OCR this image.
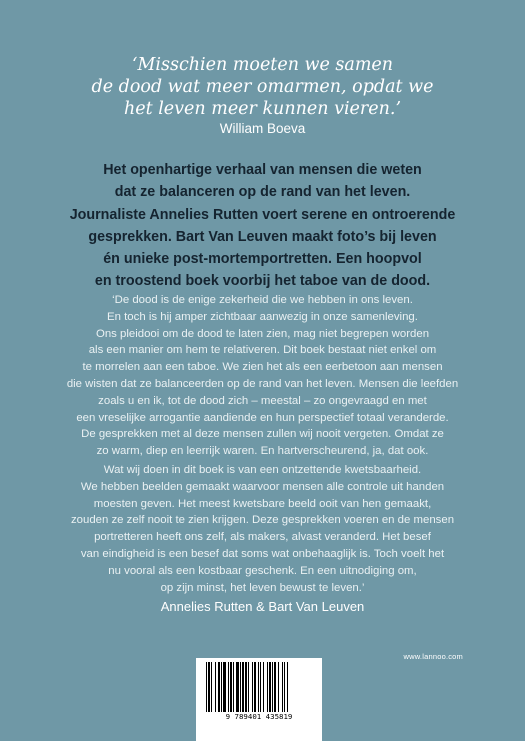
‘Misschien moeten we samen
de dood wat meer omarmen, opdat we
het leven meer kunnen vieren.’
William Boeva
Het openhartige verhaal van mensen die weten
dat ze balanceren op de rand van het leven.
Journaliste Annelies Rutten voert serene en ontroerende
gesprekken. Bart Van Leuven maakt foto’s bij leven
én unieke post-mortemportretten. Een hoopvol
en troostend boek voorbij het taboe van de dood.
‘De dood is de enige zekerheid die we hebben in ons leven.
En toch is hij amper zichtbaar aanwezig in onze samenleving.
Ons pleidooi om de dood te laten zien, mag niet begrepen worden
als een manier om hem te relativeren. Dit boek bestaat niet enkel om
te morrelen aan een taboe. We zien het als een eerbetoon aan mensen
die wisten dat ze balanceerden op de rand van het leven. Mensen die leefden
zoals u en ik, tot de dood zich – meestal – zo ongevraagd en met
een vreselijke arrogantie aandiende en hun perspectief totaal veranderde.
De gesprekken met al deze mensen zullen wij nooit vergeten. Omdat ze
zo warm, diep en leerrijk waren. En hartverscheurend, ja, dat ook.
Wat wij doen in dit boek is van een ontzettende kwetsbaarheid.
We hebben beelden gemaakt waarvoor mensen alle controle uit handen
moesten geven. Het meest kwetsbare beeld ooit van hen gemaakt,
zouden ze zelf nooit te zien krijgen. Deze gesprekken voeren en de mensen
portretteren heeft ons zelf, als makers, alvast veranderd. Het besef
van eindigheid is een besef dat soms wat onbehaaglijk is. Toch voelt het
nu vooral als een kostbaar geschenk. En een uitnodiging om,
op zijn minst, het leven bewust te leven.’
Annelies Rutten & Bart Van Leuven
www.lannoo.com
9 789401 435819
